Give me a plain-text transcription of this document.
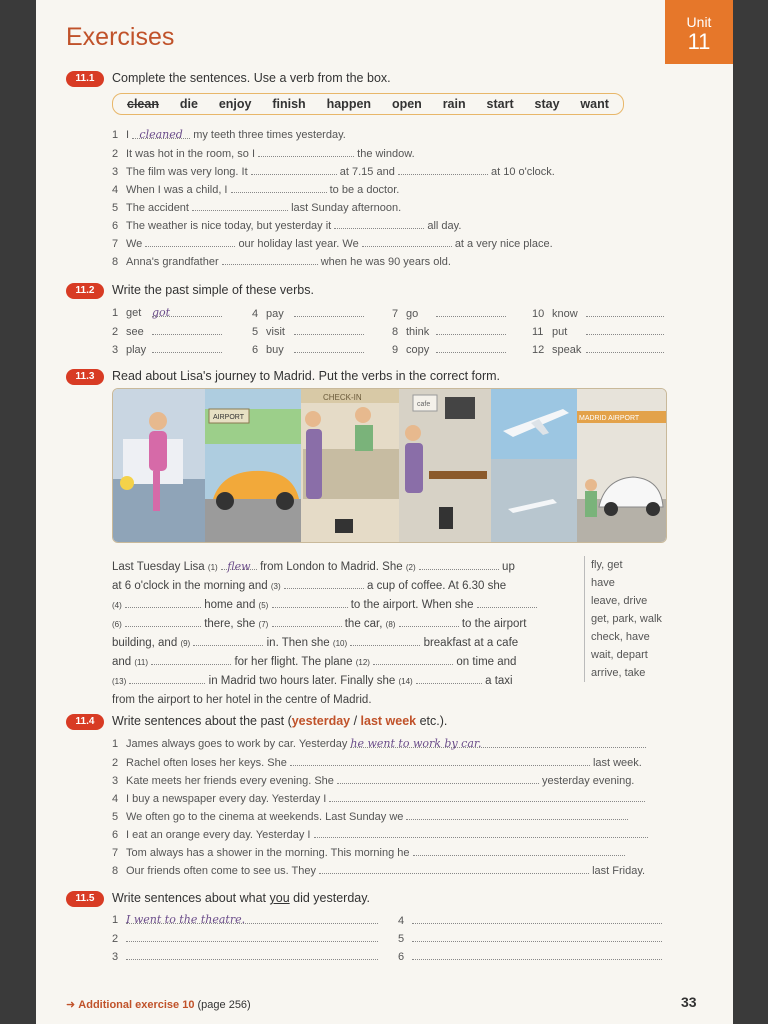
Unit
11
Exercises
11.1	Complete the sentences. Use a verb from the box.
clean die enjoy finish happen open rain start stay want
1 I cleaned my teeth three times yesterday.
2 It was hot in the room, so I	the window.
3 The film was very long. It	at 7.15 and	at 10 o'clock.
4 When I was a child, I	to be a doctor.
5 The accident	last Sunday afternoon.
6 The weather is nice today, but yesterday it	all day.
7 We	our holiday last year. We	at a very nice place.
8 Anna's grandfather	when he was 90 years old.
11.2	Write the past simple of these verbs.
1 get got	4 pay	7 go	10 know
2 see	5 visit	8 think	11 put
3 play	6 buy	9 copy	12 speak
11.3	Read about Lisa's journey to Madrid. Put the verbs in the correct form.
AIRPORT
CHECK-IN
cafe
MADRID AIRPORT
Last Tuesday Lisa (1) flew from London to Madrid. She (2)	up
at 6 o'clock in the morning and (3)	a cup of coffee. At 6.30 she
(4)	home and (5)	to the airport. When she
(6)	there, she (7)	the car, (8)	to the airport
building, and (9)	in. Then she (10)	breakfast at a cafe
and (11)	for her flight. The plane (12)	on time and
(13)	in Madrid two hours later. Finally she (14)	a taxi
from the airport to her hotel in the centre of Madrid.
fly, get
have
leave, drive
get, park, walk
check, have
wait, depart
arrive, take
11.4	Write sentences about the past (yesterday / last week etc.).
1 James always goes to work by car. Yesterday he went to work by car.
2 Rachel often loses her keys. She	last week.
3 Kate meets her friends every evening. She	yesterday evening.
4 I buy a newspaper every day. Yesterday I
5 We often go to the cinema at weekends. Last Sunday we
6 I eat an orange every day. Yesterday I
7 Tom always has a shower in the morning. This morning he
8 Our friends often come to see us. They	last Friday.
11.5	Write sentences about what you did yesterday.
1 I went to the theatre.
2
3
4
5
6
➜ Additional exercise 10 (page 256)	33
